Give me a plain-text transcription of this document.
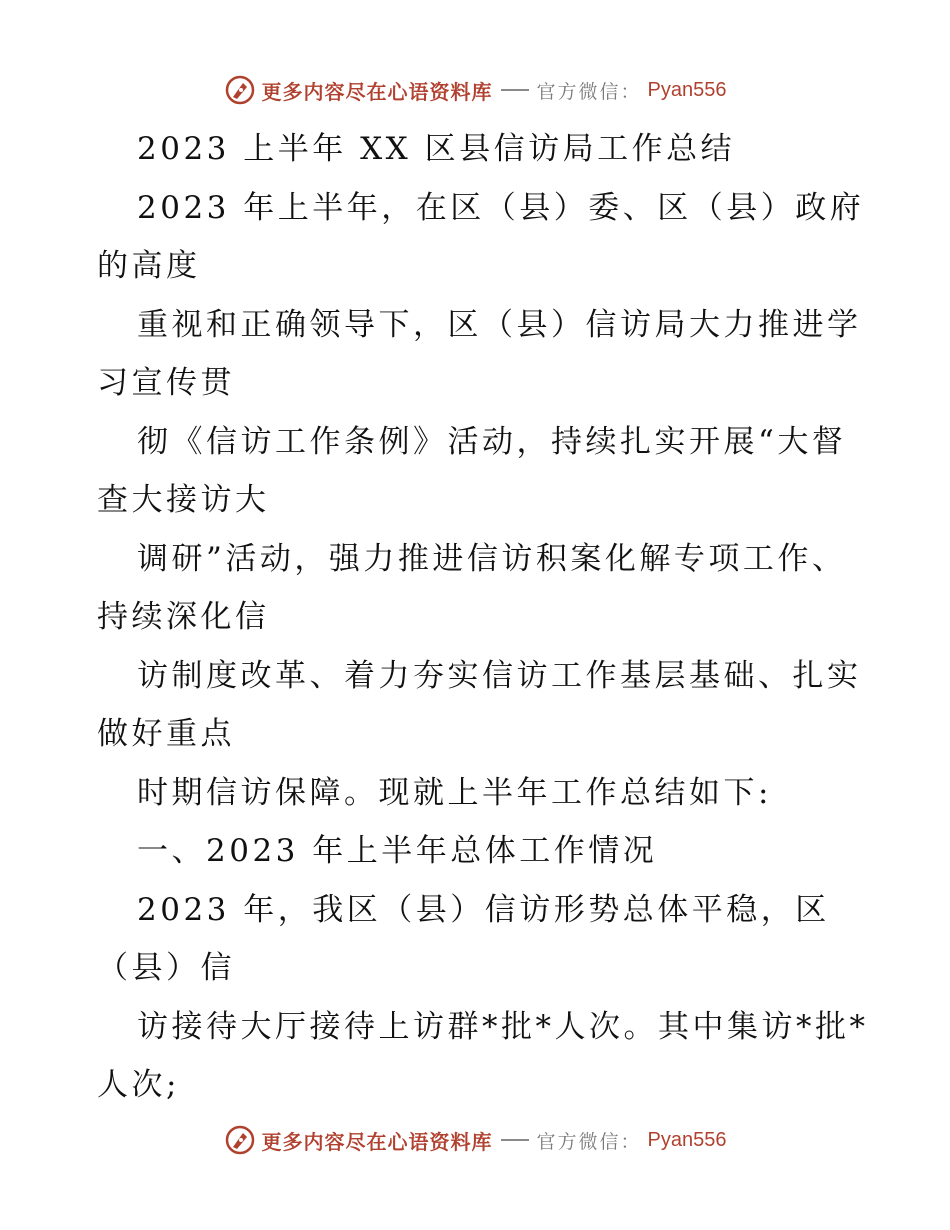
更多内容尽在心语资料库 官方微信： Pyan556
2023 上半年 XX 区县信访局工作总结
2023 年上半年，在区（县）委、区（县）政府
的高度
重视和正确领导下，区（县）信访局大力推进学
习宣传贯
彻《信访工作条例》活动，持续扎实开展“大督
查大接访大
调研”活动，强力推进信访积案化解专项工作、
持续深化信
访制度改革、着力夯实信访工作基层基础、扎实
做好重点
时期信访保障。现就上半年工作总结如下:
一、2023 年上半年总体工作情况
2023 年，我区（县）信访形势总体平稳，区
（县）信
访接待大厅接待上访群*批*人次。其中集访*批*
人次;
更多内容尽在心语资料库 官方微信： Pyan556
